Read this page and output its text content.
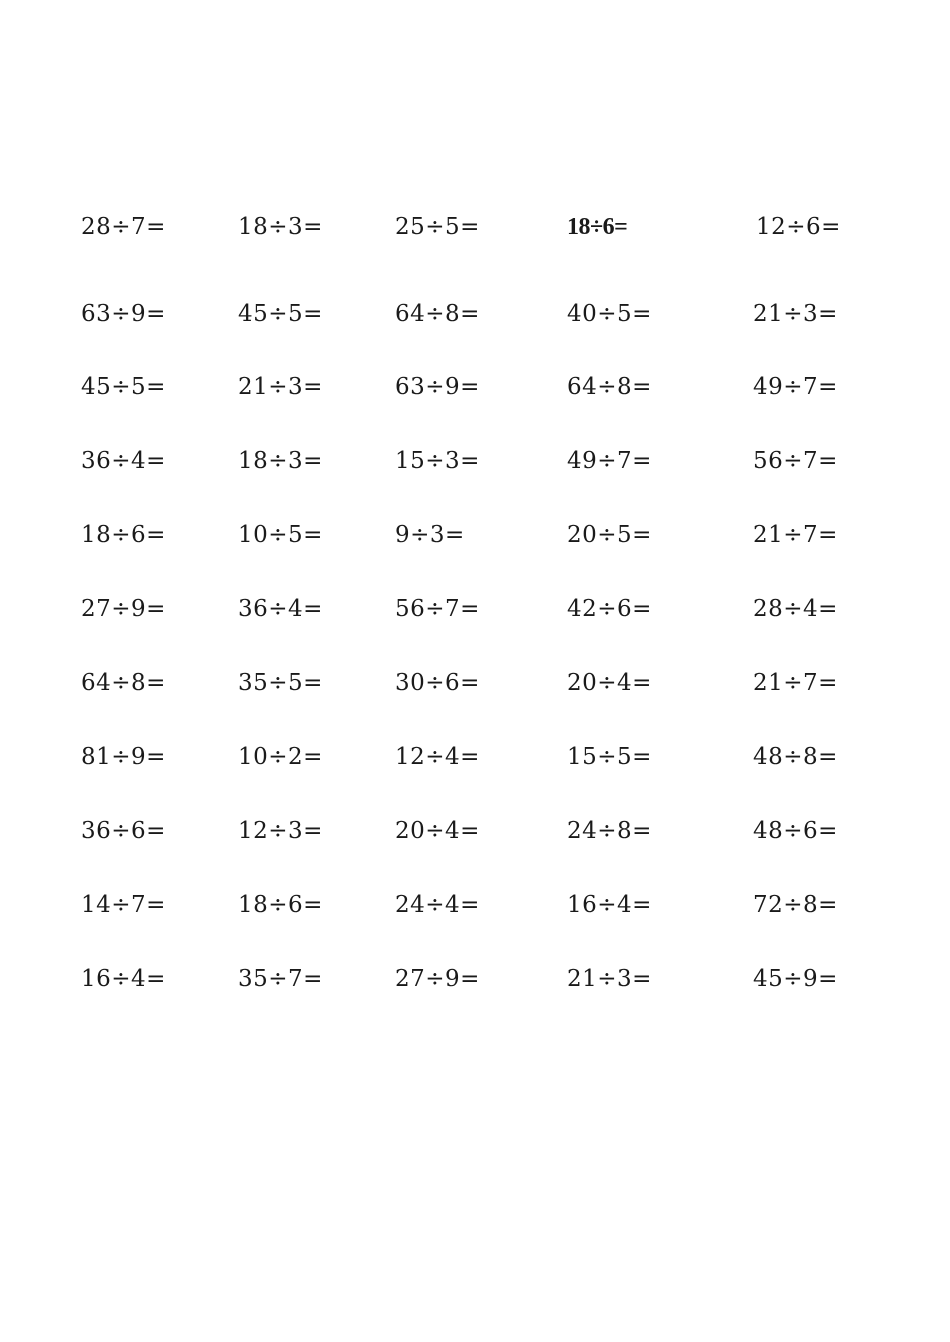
28÷7=	18÷3=	25÷5=	18÷6=	12÷6=
63÷9=	45÷5=	64÷8=	40÷5=	21÷3=
45÷5=	21÷3=	63÷9=	64÷8=	49÷7=
36÷4=	18÷3=	15÷3=	49÷7=	56÷7=
18÷6=	10÷5=	9÷3=	20÷5=	21÷7=
27÷9=	36÷4=	56÷7=	42÷6=	28÷4=
64÷8=	35÷5=	30÷6=	20÷4=	21÷7=
81÷9=	10÷2=	12÷4=	15÷5=	48÷8=
36÷6=	12÷3=	20÷4=	24÷8=	48÷6=
14÷7=	18÷6=	24÷4=	16÷4=	72÷8=
16÷4=	35÷7=	27÷9=	21÷3=	45÷9=
